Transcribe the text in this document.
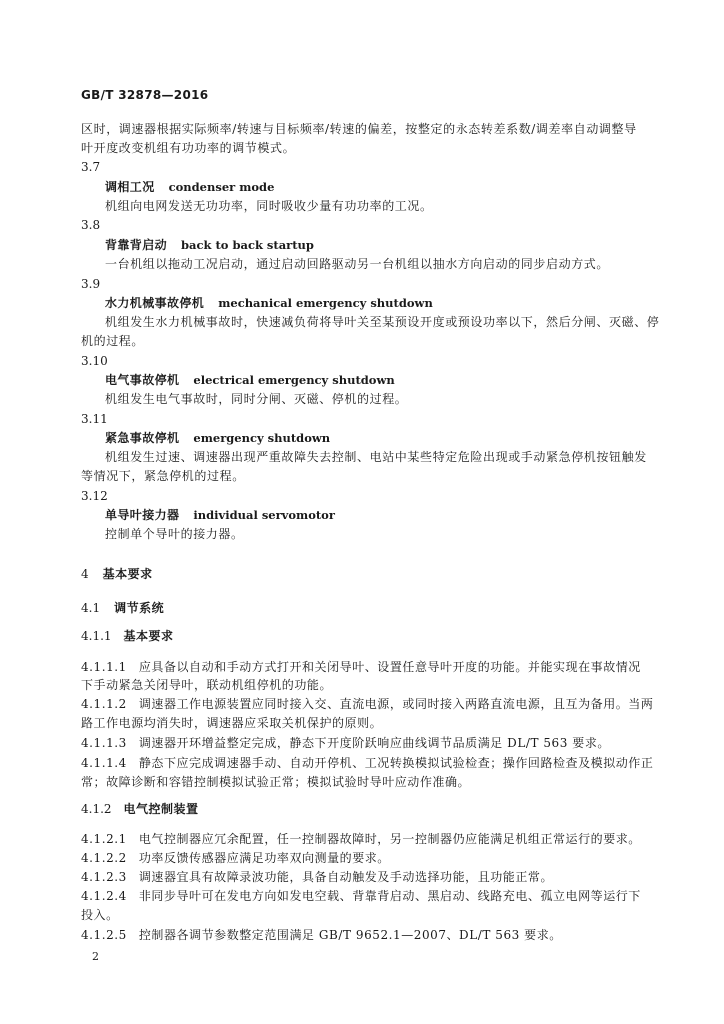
GB/T 32878—2016
区时，调速器根据实际频率/转速与目标频率/转速的偏差，按整定的永态转差系数/调差率自动调整导
叶开度改变机组有功功率的调节模式。
3.7
调相工况 condenser mode
机组向电网发送无功功率，同时吸收少量有功功率的工况。
3.8
背靠背启动 back to back startup
一台机组以拖动工况启动，通过启动回路驱动另一台机组以抽水方向启动的同步启动方式。
3.9
水力机械事故停机 mechanical emergency shutdown
机组发生水力机械事故时，快速减负荷将导叶关至某预设开度或预设功率以下，然后分闸、灭磁、停
机的过程。
3.10
电气事故停机 electrical emergency shutdown
机组发生电气事故时，同时分闸、灭磁、停机的过程。
3.11
紧急事故停机 emergency shutdown
机组发生过速、调速器出现严重故障失去控制、电站中某些特定危险出现或手动紧急停机按钮触发
等情况下，紧急停机的过程。
3.12
单导叶接力器 individual servomotor
控制单个导叶的接力器。
4 基本要求
4.1 调节系统
4.1.1 基本要求
4.1.1.1 应具备以自动和手动方式打开和关闭导叶、设置任意导叶开度的功能。并能实现在事故情况
下手动紧急关闭导叶，联动机组停机的功能。
4.1.1.2 调速器工作电源装置应同时接入交、直流电源，或同时接入两路直流电源，且互为备用。当两
路工作电源均消失时，调速器应采取关机保护的原则。
4.1.1.3 调速器开环增益整定完成，静态下开度阶跃响应曲线调节品质满足 DL/T 563 要求。
4.1.1.4 静态下应完成调速器手动、自动开停机、工况转换模拟试验检查；操作回路检查及模拟动作正
常；故障诊断和容错控制模拟试验正常；模拟试验时导叶应动作准确。
4.1.2 电气控制装置
4.1.2.1 电气控制器应冗余配置，任一控制器故障时，另一控制器仍应能满足机组正常运行的要求。
4.1.2.2 功率反馈传感器应满足功率双向测量的要求。
4.1.2.3 调速器宜具有故障录波功能，具备自动触发及手动选择功能，且功能正常。
4.1.2.4 非同步导叶可在发电方向如发电空载、背靠背启动、黑启动、线路充电、孤立电网等运行下
投入。
4.1.2.5 控制器各调节参数整定范围满足 GB/T 9652.1—2007、DL/T 563 要求。
2
